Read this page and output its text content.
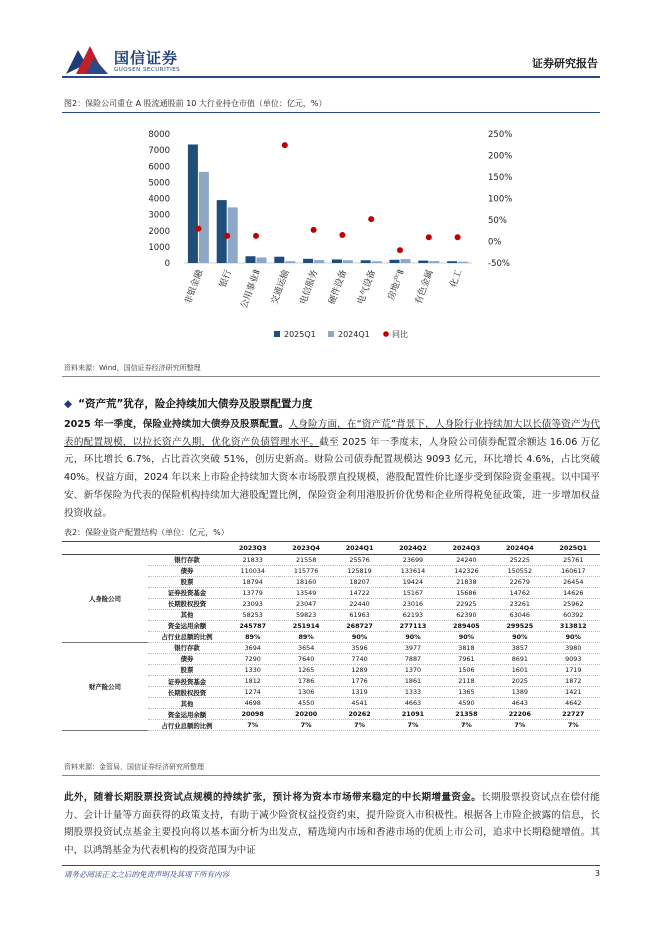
国信证券
GUOSEN SECURITIES	证券研究报告
图2：保险公司重仓 A 股流通股前 10 大行业持仓市值（单位：亿元，%）
0
1000
2000
3000
4000
5000
6000
7000
8000
-50%
0%
50%
100%
150%
200%
250%
非银金融 银行 公用事业Ⅱ 交通运输 电信服务 硬件设备 电气设备 房地产Ⅱ 有色金属 化工
2025Q1	2024Q1	同比
资料来源：Wind，国信证券经济研究所整理
◆ “资产荒”犹存，险企持续加大债券及股票配置力度
2025 年一季度，保险业持续加大债券及股票配置。人身险方面，在“资产荒”背景下，人身险行业持续加大以长债等资产为代表的配置规模，以拉长资产久期，优化资产负债管理水平。截至 2025 年一季度末，人身险公司债券配置余额达 16.06 万亿元，环比增长 6.7%，占比首次突破 51%，创历史新高。财险公司债券配置规模达 9093 亿元，环比增长 4.6%，占比突破 40%。权益方面，2024 年以来上市险企持续加大资本市场股票直投规模，港股配置性价比逐步受到保险资金重视。以中国平安、新华保险为代表的保险机构持续加大港股配置比例，保险资金利用港股折价优势和企业所得税免征政策，进一步增加权益投资收益。
表2：保险业资产配置结构（单位：亿元，%）
		2023Q3	2023Q4	2024Q1	2024Q2	2024Q3	2024Q4	2025Q1
人身险公司	银行存款	21833	21558	25576	23699	24240	25225	25761
	债券	110034	115776	125819	133614	142326	150552	160617
	股票	18794	18160	18207	19424	21838	22679	26454
	证券投资基金	13779	13549	14722	15167	15686	14762	14626
	长期股权投资	23093	23047	22440	23016	22925	23261	25962
	其他	58253	59823	61963	62193	62390	63046	60392
	资金运用余额	245787	251914	268727	277113	289405	299525	313812
	占行业总额的比例	89%	89%	90%	90%	90%	90%	90%
财产险公司	银行存款	3694	3654	3596	3977	3818	3857	3980
	债券	7290	7640	7740	7887	7961	8691	9093
	股票	1330	1265	1289	1370	1506	1601	1719
	证券投资基金	1812	1786	1776	1861	2118	2025	1872
	长期股权投资	1274	1306	1319	1333	1365	1389	1421
	其他	4698	4550	4541	4663	4590	4643	4642
	资金运用余额	20098	20200	20262	21091	21358	22206	22727
	占行业总额的比例	7%	7%	7%	7%	7%	7%	7%
资料来源：金管局，国信证券经济研究所整理
此外，随着长期股票投资试点规模的持续扩张，预计将为资本市场带来稳定的中长期增量资金。长期股票投资试点在偿付能力、会计计量等方面获得的政策支持，有助于减少险资权益投资约束，提升险资入市积极性。根据各上市险企披露的信息，长期股票投资试点基金主要投向将以基本面分析为出发点，精选境内市场和香港市场的优质上市公司，追求中长期稳健增值。其中，以鸿鹄基金为代表机构的投资范围为中证
请务必阅读正文之后的免责声明及其项下所有内容	3
